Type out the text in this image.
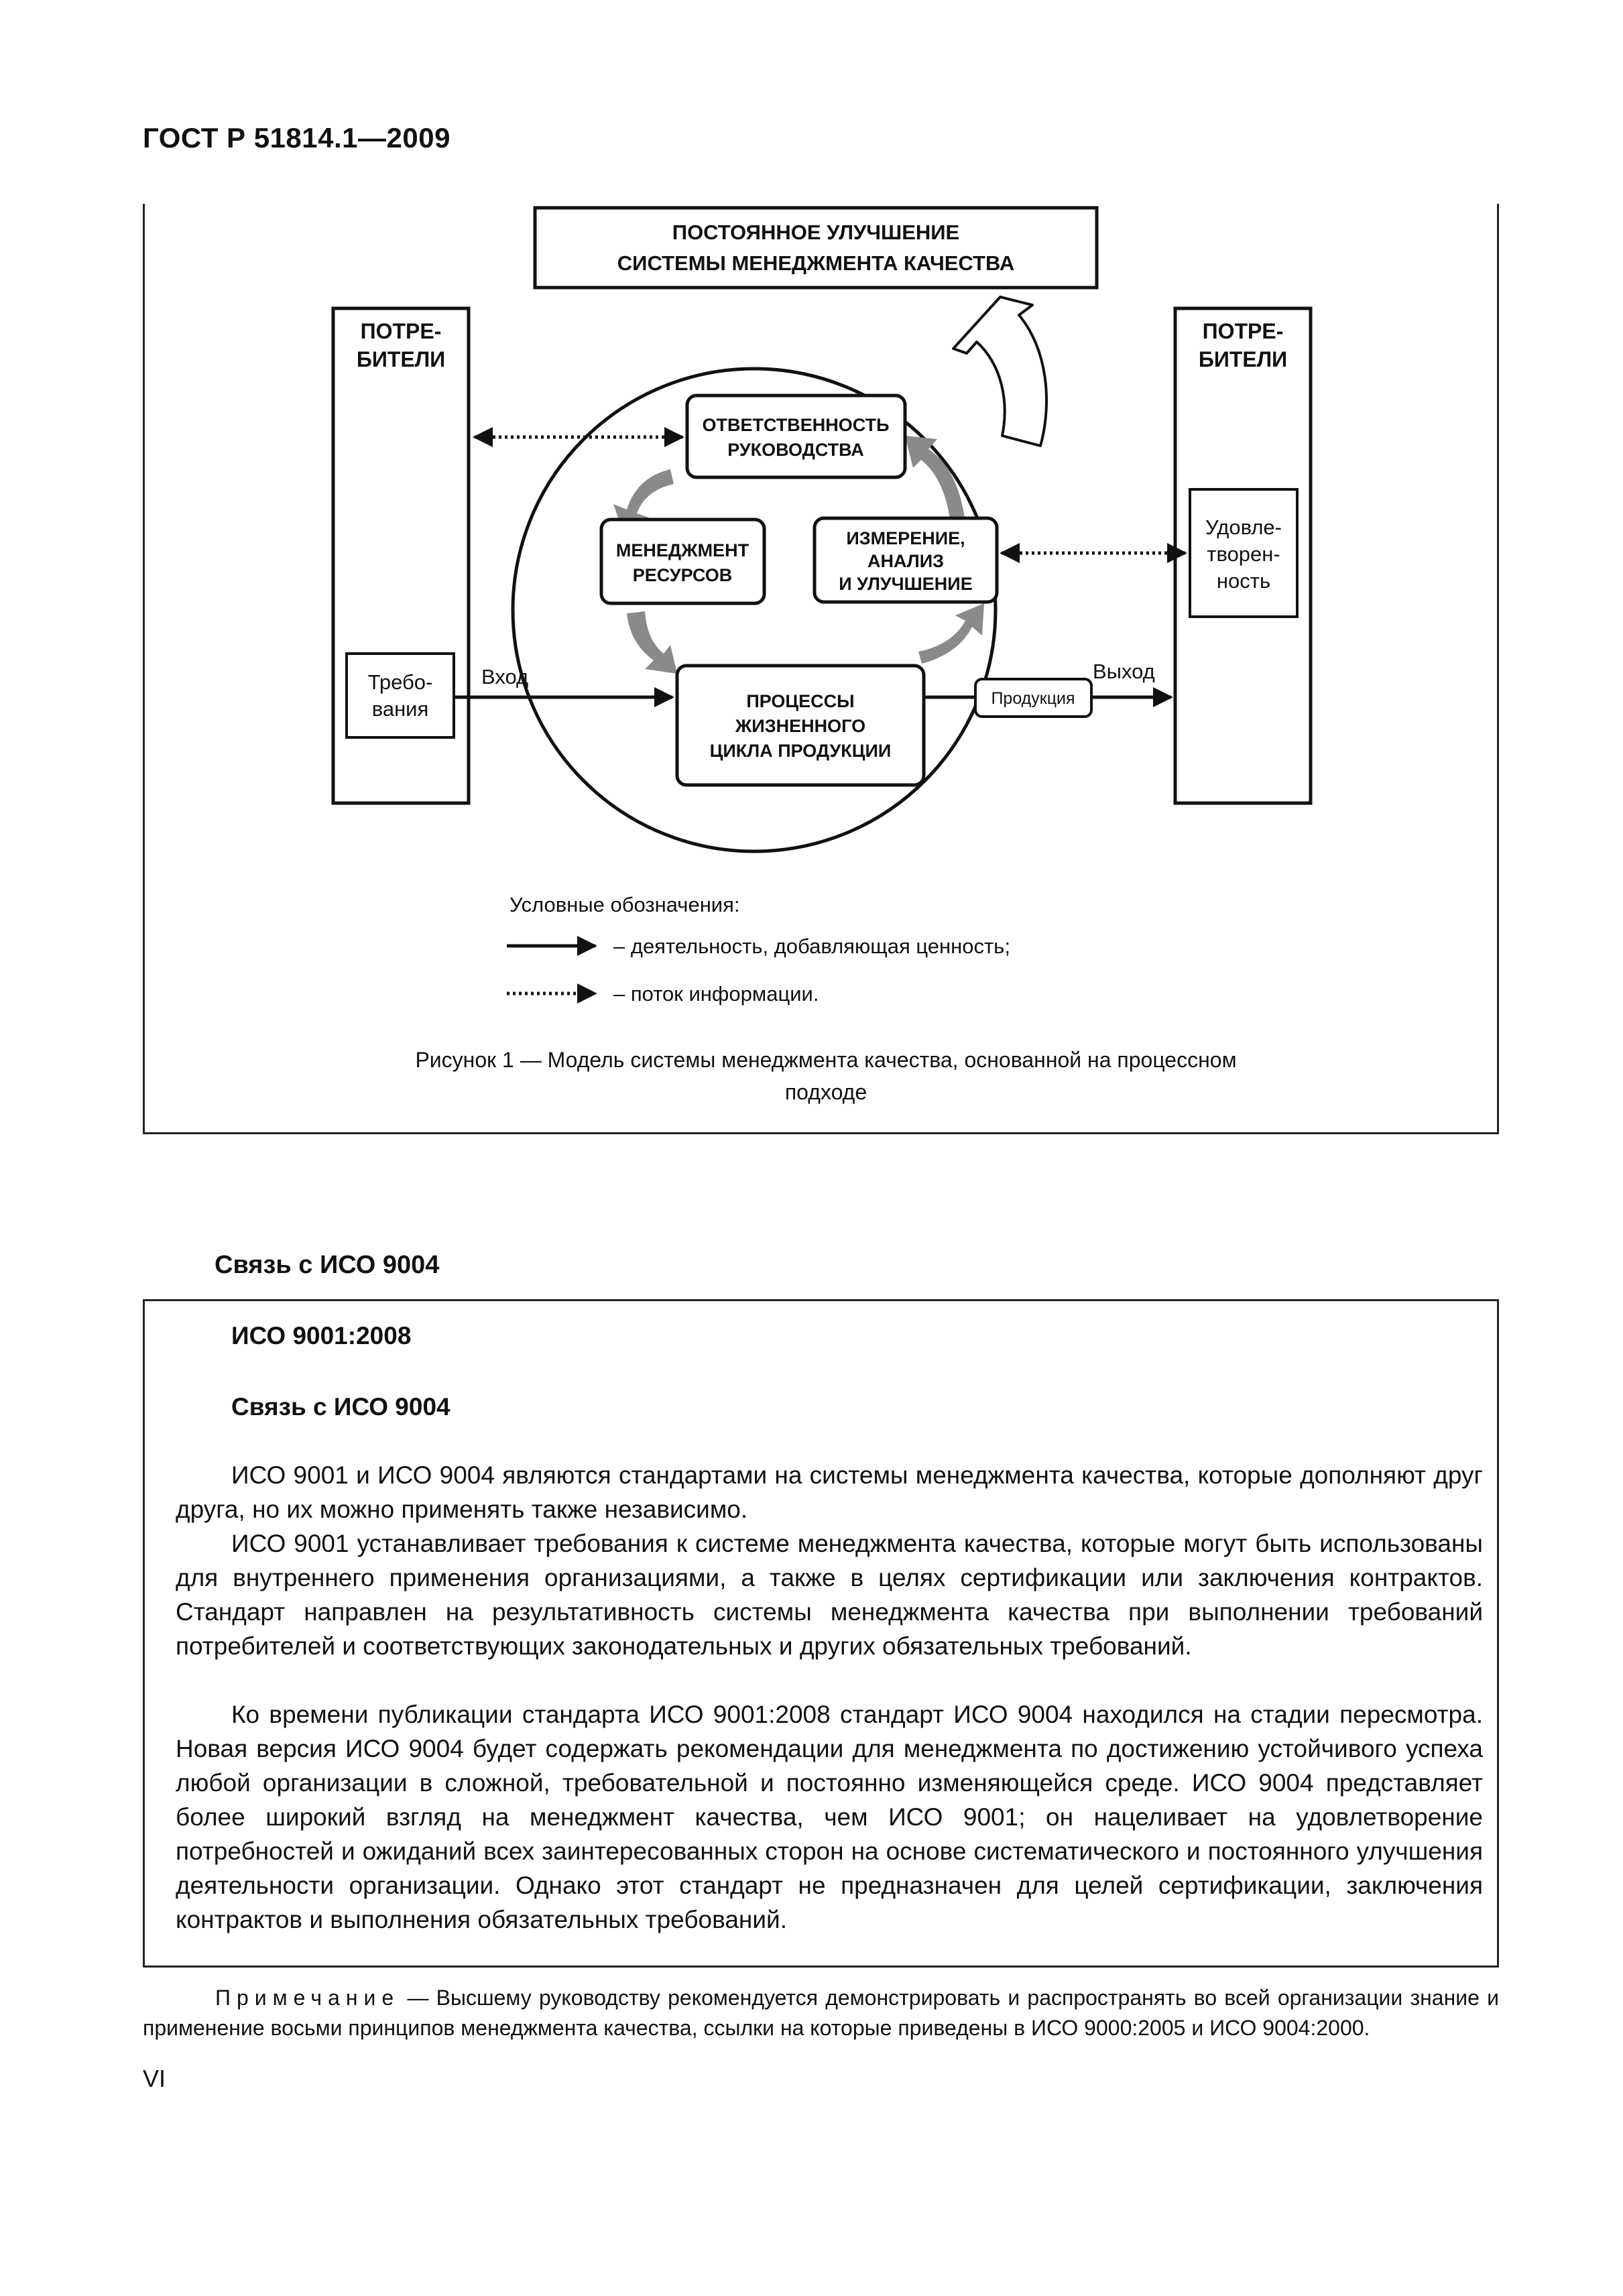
ГОСТ Р 51814.1—2009
ПОСТОЯННОЕ УЛУЧШЕНИЕ
СИСТЕМЫ МЕНЕДЖМЕНТА КАЧЕСТВА
ПОТРЕ-
БИТЕЛИ
Требо-
вания
ПОТРЕ-
БИТЕЛИ
Удовле-
творен-
ность
ОТВЕТСТВЕННОСТЬ
РУКОВОДСТВА
МЕНЕДЖМЕНТ
РЕСУРСОВ
ИЗМЕРЕНИЕ,
АНАЛИЗ
И УЛУЧШЕНИЕ
ПРОЦЕССЫ
ЖИЗНЕННОГО
ЦИКЛА ПРОДУКЦИИ
Вход
Продукция
Выход
Условные обозначения:
– деятельность, добавляющая ценность;
– поток информации.
Рисунок 1 — Модель системы менеджмента качества, основанной на процессном
подходе
Связь с ИСО 9004
ИСО 9001:2008
Связь с ИСО 9004

ИСО 9001 и ИСО 9004 являются стандартами на системы менеджмента качества, которые дополняют друг друга, но их можно применять также независимо.

ИСО 9001 устанавливает требования к системе менеджмента качества, которые могут быть использованы для внутреннего применения организациями, а также в целях сертификации или заключения контрактов. Стандарт направлен на результативность системы менеджмента качества при выполнении требований потребителей и соответствующих законодательных и других обязательных требований.

Ко времени публикации стандарта ИСО 9001:2008 стандарт ИСО 9004 находился на стадии пересмотра. Новая версия ИСО 9004 будет содержать рекомендации для менеджмента по достижению устойчивого успеха любой организации в сложной, требовательной и постоянно изменяющейся среде. ИСО 9004 представляет более широкий взгляд на менеджмент качества, чем ИСО 9001; он нацеливает на удовлетворение потребностей и ожиданий всех заинтересованных сторон на основе систематического и постоянного улучшения деятельности организации. Однако этот стандарт не предназначен для целей сертификации, заключения контрактов и выполнения обязательных требований.

Примечание — Высшему руководству рекомендуется демонстрировать и распространять во всей организации знание и применение восьми принципов менеджмента качества, ссылки на которые приведены в ИСО 9000:2005 и ИСО 9004:2000.

VI
